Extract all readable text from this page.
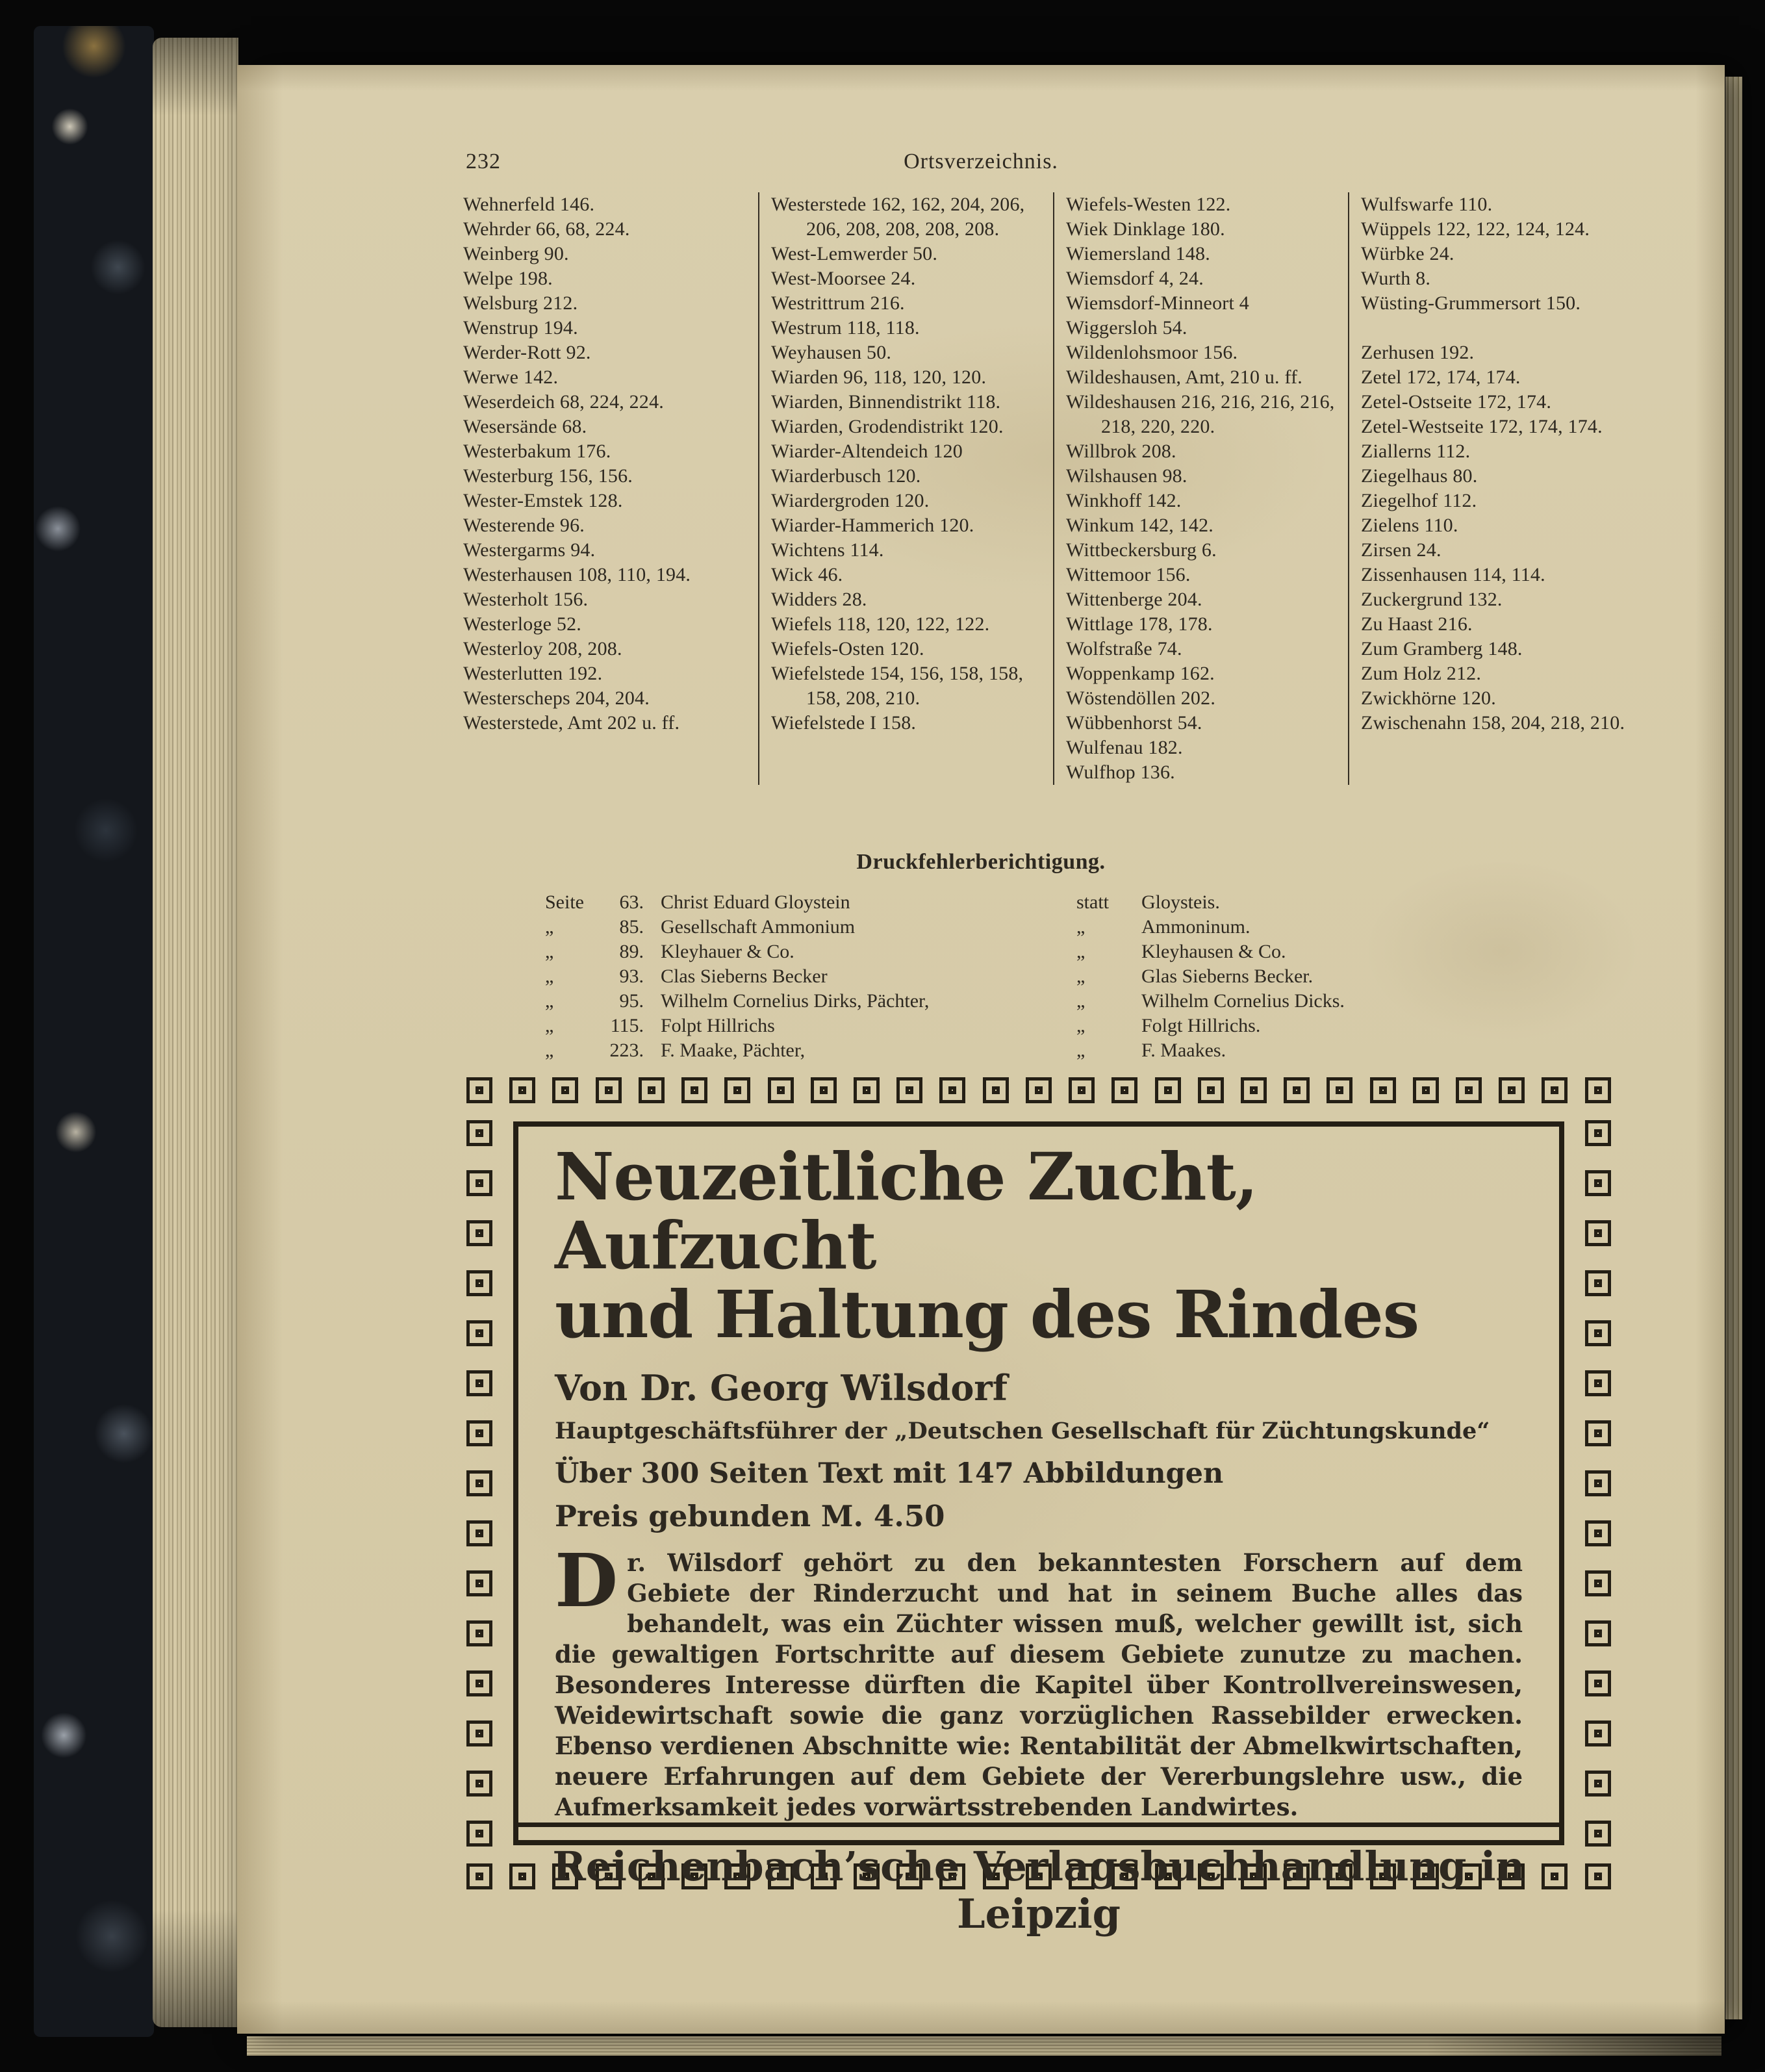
232	Ortsverzeichnis.
Wehnerfeld 146.
Wehrder 66, 68, 224.
Weinberg 90.
Welpe 198.
Welsburg 212.
Wenstrup 194.
Werder-Rott 92.
Werwe 142.
Weserdeich 68, 224, 224.
Wesersände 68.
Westerbakum 176.
Westerburg 156, 156.
Wester-Emstek 128.
Westerende 96.
Westergarms 94.
Westerhausen 108, 110, 194.
Westerholt 156.
Westerloge 52.
Westerloy 208, 208.
Westerlutten 192.
Westerscheps 204, 204.
Westerstede, Amt 202 u. ff.
Westerstede 162, 162, 204, 206, 206, 208, 208, 208, 208.
West-Lemwerder 50.
West-Moorsee 24.
Westrittrum 216.
Westrum 118, 118.
Weyhausen 50.
Wiarden 96, 118, 120, 120.
Wiarden, Binnendistrikt 118.
Wiarden, Grodendistrikt 120.
Wiarder-Altendeich 120
Wiarderbusch 120.
Wiardergroden 120.
Wiarder-Hammerich 120.
Wichtens 114.
Wick 46.
Widders 28.
Wiefels 118, 120, 122, 122.
Wiefels-Osten 120.
Wiefelstede 154, 156, 158, 158, 158, 208, 210.
Wiefelstede I 158.
Wiefels-Westen 122.
Wiek Dinklage 180.
Wiemersland 148.
Wiemsdorf 4, 24.
Wiemsdorf-Minneort 4
Wiggersloh 54.
Wildenlohsmoor 156.
Wildeshausen, Amt, 210 u. ff.
Wildeshausen 216, 216, 216, 216, 218, 220, 220.
Willbrok 208.
Wilshausen 98.
Winkhoff 142.
Winkum 142, 142.
Wittbeckersburg 6.
Wittemoor 156.
Wittenberge 204.
Wittlage 178, 178.
Wolfstraße 74.
Woppenkamp 162.
Wöstendöllen 202.
Wübbenhorst 54.
Wulfenau 182.
Wulfhop 136.
Wulfswarfe 110.
Wüppels 122, 122, 124, 124.
Würbke 24.
Wurth 8.
Wüsting-Grummersort 150.
Zerhusen 192.
Zetel 172, 174, 174.
Zetel-Ostseite 172, 174.
Zetel-Westseite 172, 174, 174.
Ziallerns 112.
Ziegelhaus 80.
Ziegelhof 112.
Zielens 110.
Zirsen 24.
Zissenhausen 114, 114.
Zuckergrund 132.
Zu Haast 216.
Zum Gramberg 148.
Zum Holz 212.
Zwickhörne 120.
Zwischenahn 158, 204, 218, 210.
Druckfehlerberichtigung.
Seite	63. Christ Eduard Gloystein	statt	Gloysteis.
„	85. Gesellschaft Ammonium	„	Ammoninum.
„	89. Kleyhauer & Co.	„	Kleyhausen & Co.
„	93. Clas Sieberns Becker	„	Glas Sieberns Becker.
„	95. Wilhelm Cornelius Dirks, Pächter,	„	Wilhelm Cornelius Dicks.
„	115. Folpt Hillrichs	„	Folgt Hillrichs.
„	223. F. Maake, Pächter,	„	F. Maakes.
Neuzeitliche Zucht, Aufzucht
und Haltung des Rindes
Von Dr. Georg Wilsdorf
Hauptgeschäftsführer der „Deutschen Gesellschaft für Züchtungskunde“
Über 300 Seiten Text mit 147 Abbildungen
Preis gebunden M. 4.50

Dr. Wilsdorf gehört zu den bekanntesten Forschern auf dem Gebiete der Rinderzucht und hat in seinem Buche alles das behandelt, was ein Züchter wissen muß, welcher gewillt ist, sich die gewaltigen Fortschritte auf diesem Gebiete zunutze zu machen. Besonderes Interesse dürften die Kapitel über Kontrollvereinswesen, Weidewirtschaft sowie die ganz vorzüglichen Rassebilder erwecken. Ebenso verdienen Abschnitte wie: Rentabilität der Abmelkwirtschaften, neuere Erfahrungen auf dem Gebiete der Vererbungslehre usw., die Aufmerksamkeit jedes vorwärtsstrebenden Landwirtes.

Reichenbach’sche Verlagsbuchhandlung in Leipzig
